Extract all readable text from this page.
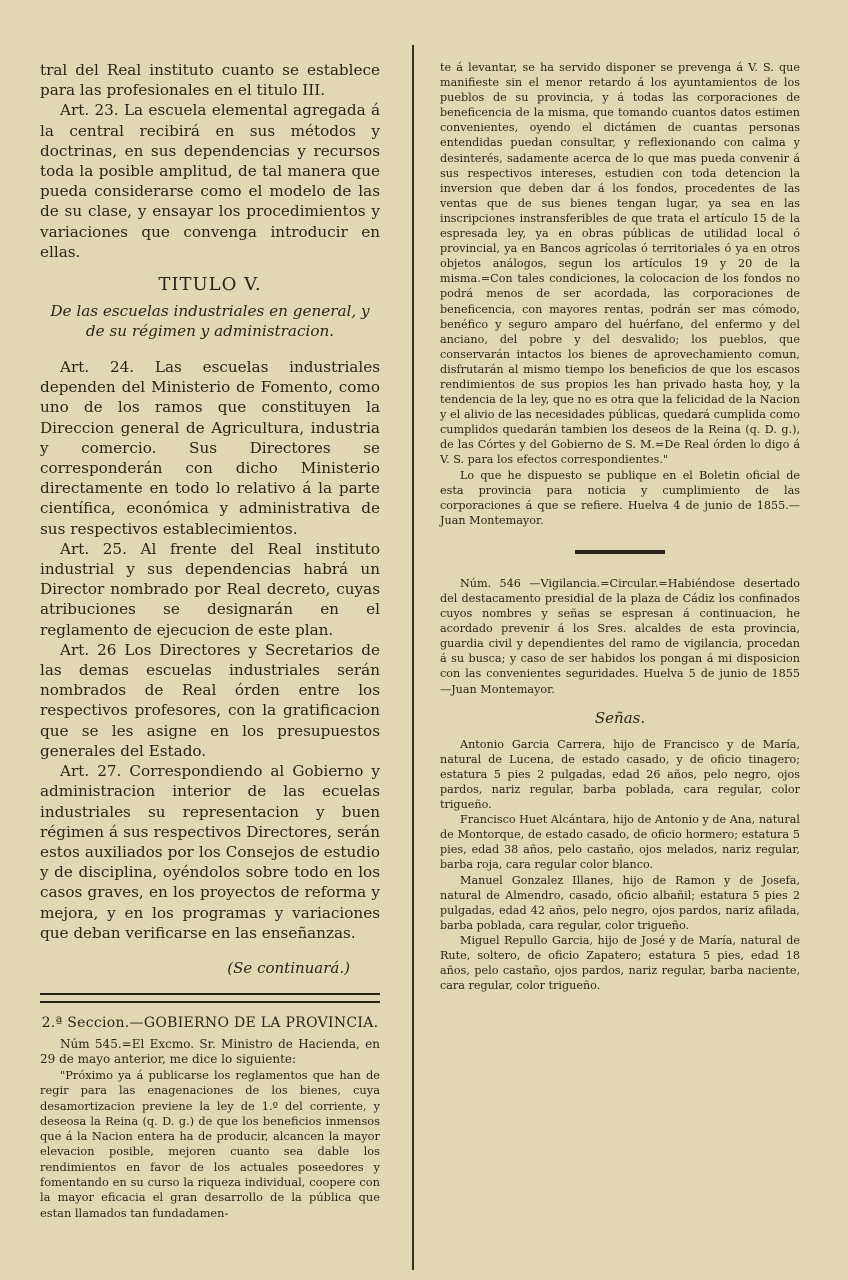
tral del Real instituto cuanto se establece para las profesionales en el titulo III.

Art. 23. La escuela elemental agregada á la central recibirá en sus métodos y doctrinas, en sus dependencias y recursos toda la posible amplitud, de tal manera que pueda considerarse como el modelo de las de su clase, y ensayar los procedimientos y variaciones que convenga introducir en ellas.

TITULO V.
De las escuelas industriales en general, y de su régimen y administracion.

Art. 24. Las escuelas industriales dependen del Ministerio de Fomento, como uno de los ramos que constituyen la Direccion general de Agricultura, industria y comercio. Sus Directores se corresponderán con dicho Ministerio directamente en todo lo relativo á la parte científica, económica y administrativa de sus respectivos establecimientos.

Art. 25. Al frente del Real instituto industrial y sus dependencias habrá un Director nombrado por Real decreto, cuyas atribuciones se designarán en el reglamento de ejecucion de este plan.

Art. 26 Los Directores y Secretarios de las demas escuelas industriales serán nombrados de Real órden entre los respectivos profesores, con la gratificacion que se les asigne en los presupuestos generales del Estado.

Art. 27. Correspondiendo al Gobierno y administracion interior de las ecuelas industriales su representacion y buen régimen á sus respectivos Directores, serán estos auxiliados por los Consejos de estudio y de disciplina, oyéndolos sobre todo en los casos graves, en los proyectos de reforma y mejora, y en los programas y variaciones que deban verificarse en las enseñanzas.

(Se continuará.)
2.ª Seccion.—GOBIERNO DE LA PROVINCIA.

Núm 545.=El Excmo. Sr. Ministro de Hacienda, en 29 de mayo anterior, me dice lo siguiente:

"Próximo ya á publicarse los reglamentos que han de regir para las enagenaciones de los bienes, cuya desamortizacion previene la ley de 1.º del corriente, y deseosa la Reina (q. D. g.) de que los beneficios inmensos que á la Nacion entera ha de producir, alcancen la mayor elevacion posible, mejoren cuanto sea dable los rendimientos en favor de los actuales poseedores y fomentando en su curso la riqueza individual, coopere con la mayor eficacia el gran desarrollo de la pública que estan llamados tan fundadamen-

te á levantar, se ha servido disponer se prevenga á V. S. que manifieste sin el menor retardo á los ayuntamientos de los pueblos de su provincia, y á todas las corporaciones de beneficencia de la misma, que tomando cuantos datos estimen convenientes, oyendo el dictámen de cuantas personas entendidas puedan consultar, y reflexionando con calma y desinterés, sadamente acerca de lo que mas pueda convenir á sus respectivos intereses, estudien con toda detencion la inversion que deben dar á los fondos, procedentes de las ventas que de sus bienes tengan lugar, ya sea en las inscripciones instransferibles de que trata el artículo 15 de la espresada ley, ya en obras públicas de utilidad local ó provincial, ya en Bancos agrícolas ó territoriales ó ya en otros objetos análogos, segun los artículos 19 y 20 de la misma.=Con tales condiciones, la colocacion de los fondos no podrá menos de ser acordada, las corporaciones de beneficencia, con mayores rentas, podrán ser mas cómodo, benéfico y seguro amparo del huérfano, del enfermo y del anciano, del pobre y del desvalido; los pueblos, que conservarán intactos los bienes de aprovechamiento comun, disfrutarán al mismo tiempo los beneficios de que los escasos rendimientos de sus propios les han privado hasta hoy, y la tendencia de la ley, que no es otra que la felicidad de la Nacion y el alivio de las necesidades públicas, quedará cumplida como cumplidos quedarán tambien los deseos de la Reina (q. D. g.), de las Córtes y del Gobierno de S. M.=De Real órden lo digo á V. S. para los efectos correspondientes."

Lo que he dispuesto se publique en el Boletin oficial de esta provincia para noticia y cumplimiento de las corporaciones á que se refiere. Huelva 4 de junio de 1855.—Juan Montemayor.

Núm. 546 —Vigilancia.=Circular.=Habiéndose desertado del destacamento presidial de la plaza de Cádiz los confinados cuyos nombres y señas se espresan á continuacion, he acordado prevenir á los Sres. alcaldes de esta provincia, guardia civil y dependientes del ramo de vigilancia, procedan á su busca; y caso de ser habidos los pongan á mi disposicion con las convenientes seguridades. Huelva 5 de junio de 1855 —Juan Montemayor.

Señas.

Antonio Garcia Carrera, hijo de Francisco y de María, natural de Lucena, de estado casado, y de oficio tinagero; estatura 5 pies 2 pulgadas, edad 26 años, pelo negro, ojos pardos, nariz regular, barba poblada, cara regular, color trigueño.

Francisco Huet Alcántara, hijo de Antonio y de Ana, natural de Montorque, de estado casado, de oficio hormero; estatura 5 pies, edad 38 años, pelo castaño, ojos melados, nariz regular, barba roja, cara regular color blanco.

Manuel Gonzalez Illanes, hijo de Ramon y de Josefa, natural de Almendro, casado, oficio albañil; estatura 5 pies 2 pulgadas, edad 42 años, pelo negro, ojos pardos, nariz afilada, barba poblada, cara regular, color trigueño.

Miguel Repullo Garcia, hijo de José y de María, natural de Rute, soltero, de oficio Zapatero; estatura 5 pies, edad 18 años, pelo castaño, ojos pardos, nariz regular, barba naciente, cara regular, color trigueño.
